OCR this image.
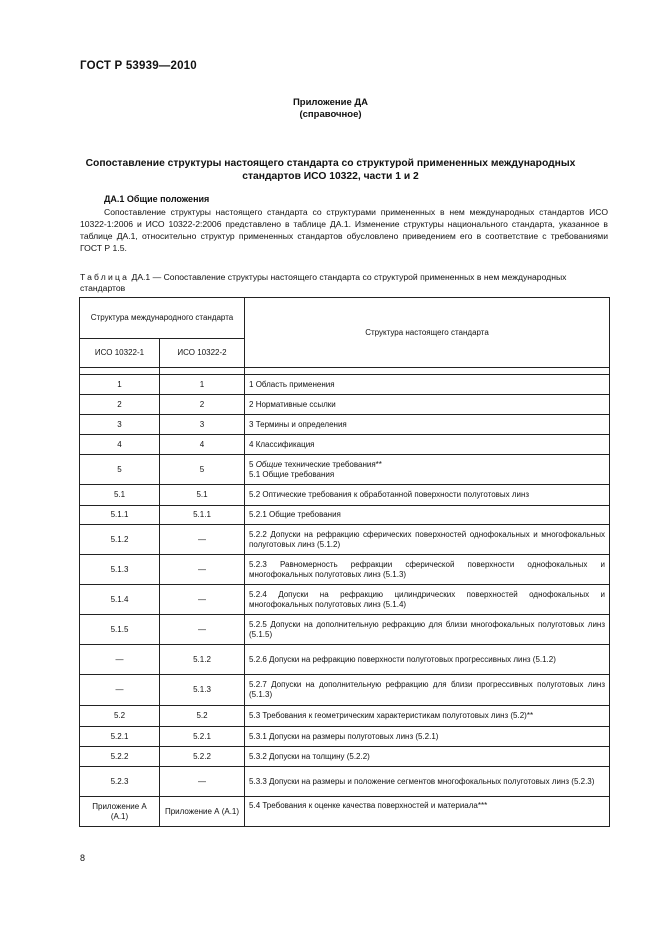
ГОСТ Р 53939—2010
Приложение ДА
(справочное)
Сопоставление структуры настоящего стандарта со структурой примененных международных стандартов ИСО 10322, части 1 и 2
ДА.1 Общие положения
Сопоставление структуры настоящего стандарта со структурами примененных в нем международных стандартов ИСО 10322-1:2006 и ИСО 10322-2:2006 представлено в таблице ДА.1. Изменение структуры национального стандарта, указанное в таблице ДА.1, относительно структур примененных стандартов обусловлено приведением его в соответствие с требованиями ГОСТ Р 1.5.
Таблица ДА.1 — Сопоставление структуры настоящего стандарта со структурой примененных в нем международных стандартов
Структура международного стандарта		Структура настоящего стандарта
ИСО 10322-1	ИСО 10322-2	

1	1	1 Область применения
2	2	2 Нормативные ссылки
3	3	3 Термины и определения
4	4	4 Классификация
5	5	5 Общие технические требования**
5.1 Общие требования
5.1	5.1	5.2 Оптические требования к обработанной поверхности полуготовых линз
5.1.1	5.1.1	5.2.1 Общие требования
5.1.2	—	5.2.2 Допуски на рефракцию сферических поверхностей однофокальных и многофокальных полуготовых линз (5.1.2)
5.1.3	—	5.2.3 Равномерность рефракции сферической поверхности однофокальных и многофокальных полуготовых линз (5.1.3)
5.1.4	—	5.2.4 Допуски на рефракцию цилиндрических поверхностей однофокальных и многофокальных полуготовых линз (5.1.4)
5.1.5	—	5.2.5 Допуски на дополнительную рефракцию для близи многофокальных полуготовых линз (5.1.5)
—	5.1.2	5.2.6 Допуски на рефракцию поверхности полуготовых прогрессивных линз (5.1.2)
—	5.1.3	5.2.7 Допуски на дополнительную рефракцию для близи прогрессивных полуготовых линз (5.1.3)
5.2	5.2	5.3 Требования к геометрическим характеристикам полуготовых линз (5.2)**
5.2.1	5.2.1	5.3.1 Допуски на размеры полуготовых линз (5.2.1)
5.2.2	5.2.2	5.3.2 Допуски на толщину (5.2.2)
5.2.3	—	5.3.3 Допуски на размеры и положение сегментов многофокальных полуготовых линз (5.2.3)
Приложение А (А.1)	Приложение А (А.1)	5.4 Требования к оценке качества поверхностей и материала***
8
